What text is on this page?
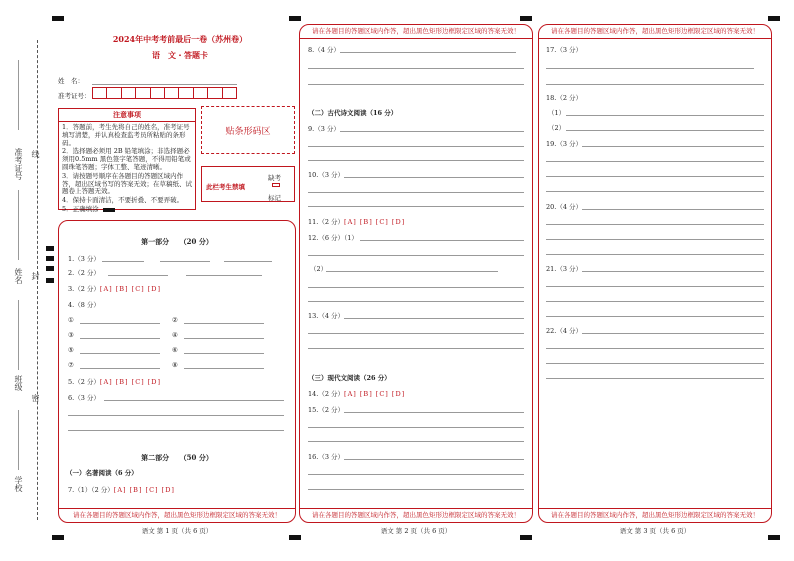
准考证号 线
姓名 封
班级
密
学校
2024年中考考前最后一卷（苏州卷）
语　文・答题卡
姓　名：
准考证号：
注意事项
1．答题前，考生先将自己的姓名，准考证号填写清楚，并认真检查监考员所粘贴的条形码。
2．选择题必须用 2B 铅笔填涂；非选择题必须用0.5mm 黑色签字笔答题，不得用铅笔或圆珠笔答题；字体工整、笔迹清晰。
3．请按题号顺序在各题目的答题区域内作答，超出区域书写的答案无效；在草稿纸、试题卷上答题无效。
4．保持卡面清洁，不要折叠、不要弄破。
5．正确填涂
贴条形码区
此栏考生禁填
缺考
标记
第一部分　　（20 分）
1.（3 分）
2.（2 分）
3.（2 分）[A] [B] [C] [D]
4.（8 分）
①	②
③	④
⑤	⑥
⑦	⑧
5.（2 分）[A] [B] [C] [D]
6.（3 分）
第二部分　　（50 分）
（一）名著阅读（6 分）
7.（1）（2 分）[A] [B] [C] [D]
请在各题目的答题区域内作答，超出黑色矩形边框限定区域的答案无效！
语文 第 1 页（共 6 页）
请在各题目的答题区域内作答，超出黑色矩形边框限定区域的答案无效！
8.（4 分）
（二）古代诗文阅读（16 分）
9.（3 分）
10.（3 分）
11.（2 分）[A] [B] [C] [D]
12.（6 分）（1）
（2）
13.（4 分）
（三）现代文阅读（26 分）
14.（2 分）[A] [B] [C] [D]
15.（2 分）
16.（3 分）
请在各题目的答题区域内作答，超出黑色矩形边框限定区域的答案无效！
语文 第 2 页（共 6 页）
请在各题目的答题区域内作答，超出黑色矩形边框限定区域的答案无效！
17.（3 分）
18.（2 分）
（1）
（2）
19.（3 分）
20.（4 分）
21.（3 分）
22.（4 分）
请在各题目的答题区域内作答，超出黑色矩形边框限定区域的答案无效！
语文 第 3 页（共 6 页）
